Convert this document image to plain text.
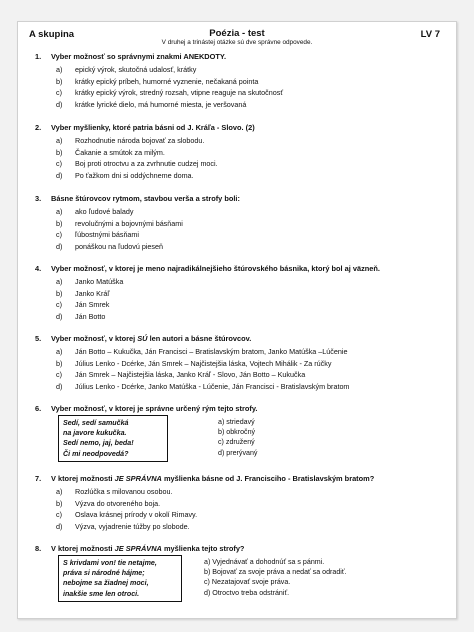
A skupina	Poézia - test	LV 7
V druhej a trinástej otázke sú dve správne odpovede.
1. Vyber možnosť so správnymi znakmi ANEKDOTY.
a) epický výrok, skutočná udalosť, krátky
b) krátky epický príbeh, humorné vyznenie, nečakaná pointa
c) krátky epický výrok, stredný rozsah, vtipne reaguje na skutočnosť
d) krátke lyrické dielo, má humorné miesta, je veršovaná
2. Vyber myšlienky, ktoré patria básni od J. Kráľa - Slovo. (2)
a) Rozhodnutie národa bojovať za slobodu.
b) Čakanie a smútok za milým.
c) Boj proti otroctvu a za zvrhnutie cudzej moci.
d) Po ťažkom dni si oddýchneme doma.
3. Básne štúrovcov rytmom, stavbou verša a strofy boli:
a) ako ľudové balady
b) revolučnými a bojovnými básňami
c) ľúbostnými básňami
d) ponáškou na ľudovú pieseň
4. Vyber možnosť, v ktorej je meno najradikálnejšieho štúrovského básnika, ktorý bol aj väzneň.
a) Janko Matúška
b) Janko Kráľ
c) Ján Smrek
d) Ján Botto
5. Vyber možnosť, v ktorej SÚ len autori a básne štúrovcov.
a) Ján Botto – Kukučka, Ján Francisci – Bratislavským bratom, Janko Matúška –Lúčenie
b) Július Lenko - Dcérke, Ján Smrek – Najčistejšia láska, Vojtech Mihálik - Za rúčky
c) Ján Smrek – Najčistejšia láska, Janko Kráľ - Slovo, Ján Botto – Kukučka
d) Július Lenko - Dcérke, Janko Matúška - Lúčenie, Ján Francisci - Bratislavským bratom
6. Vyber možnosť, v ktorej je správne určený rým tejto strofy.
Sedí, sedí samučká
na javore kukučka.
Sedí nemo, jaj, beda!
Či mi neodpovedá?
a) striedavý
b) obkročný
c) združený
d) prerývaný
7. V ktorej možnosti JE SPRÁVNA myšlienka básne od J. Francisciho - Bratislavským bratom?
a) Rozlúčka s milovanou osobou.
b) Výzva do otvoreného boja.
c) Oslava krásnej prírody v okolí Rimavy.
d) Výzva, vyjadrenie túžby po slobode.
8. V ktorej možnosti JE SPRÁVNA myšlienka tejto strofy?
S krivdami von! tie netajme,
práva si národné hájme;
nebojme sa žiadnej moci,
inakšie sme len otroci.
a) Vyjednávať a dohodnúť sa s pánmi.
b) Bojovať za svoje práva a nedať sa odradiť.
c) Nezatajovať svoje práva.
d) Otroctvo treba odstrániť.
